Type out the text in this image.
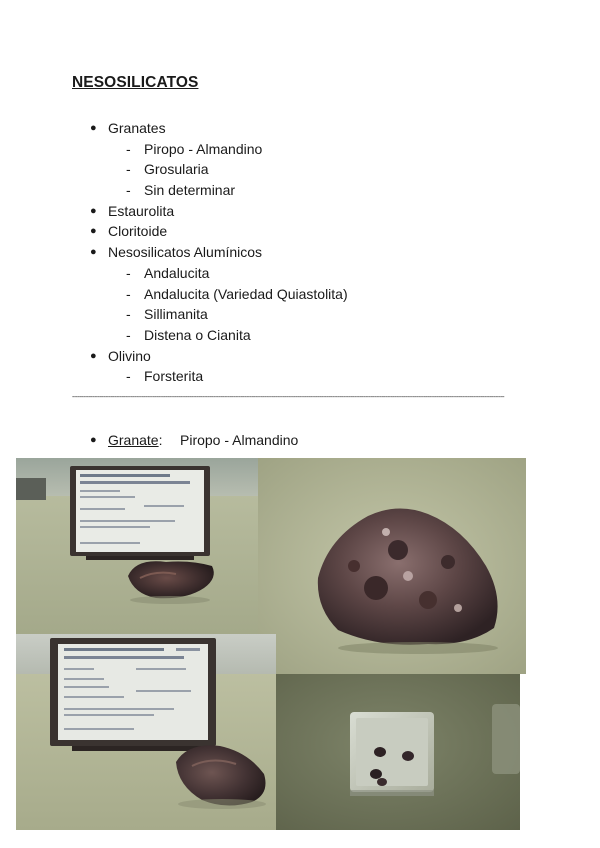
NESOSILICATOS
● Granates
- Piropo - Almandino
- Grosularia
- Sin determinar
● Estaurolita
● Cloritoide
● Nesosilicatos Alumínicos
- Andalucita
- Andalucita (Variedad Quiastolita)
- Sillimanita
- Distena o Cianita
● Olivino
- Forsterita
--------------------------------------------------------------------------------------------------------------------------------------------------------------------------------------------------------------------------------------------
● Granate: Piropo - Almandino
